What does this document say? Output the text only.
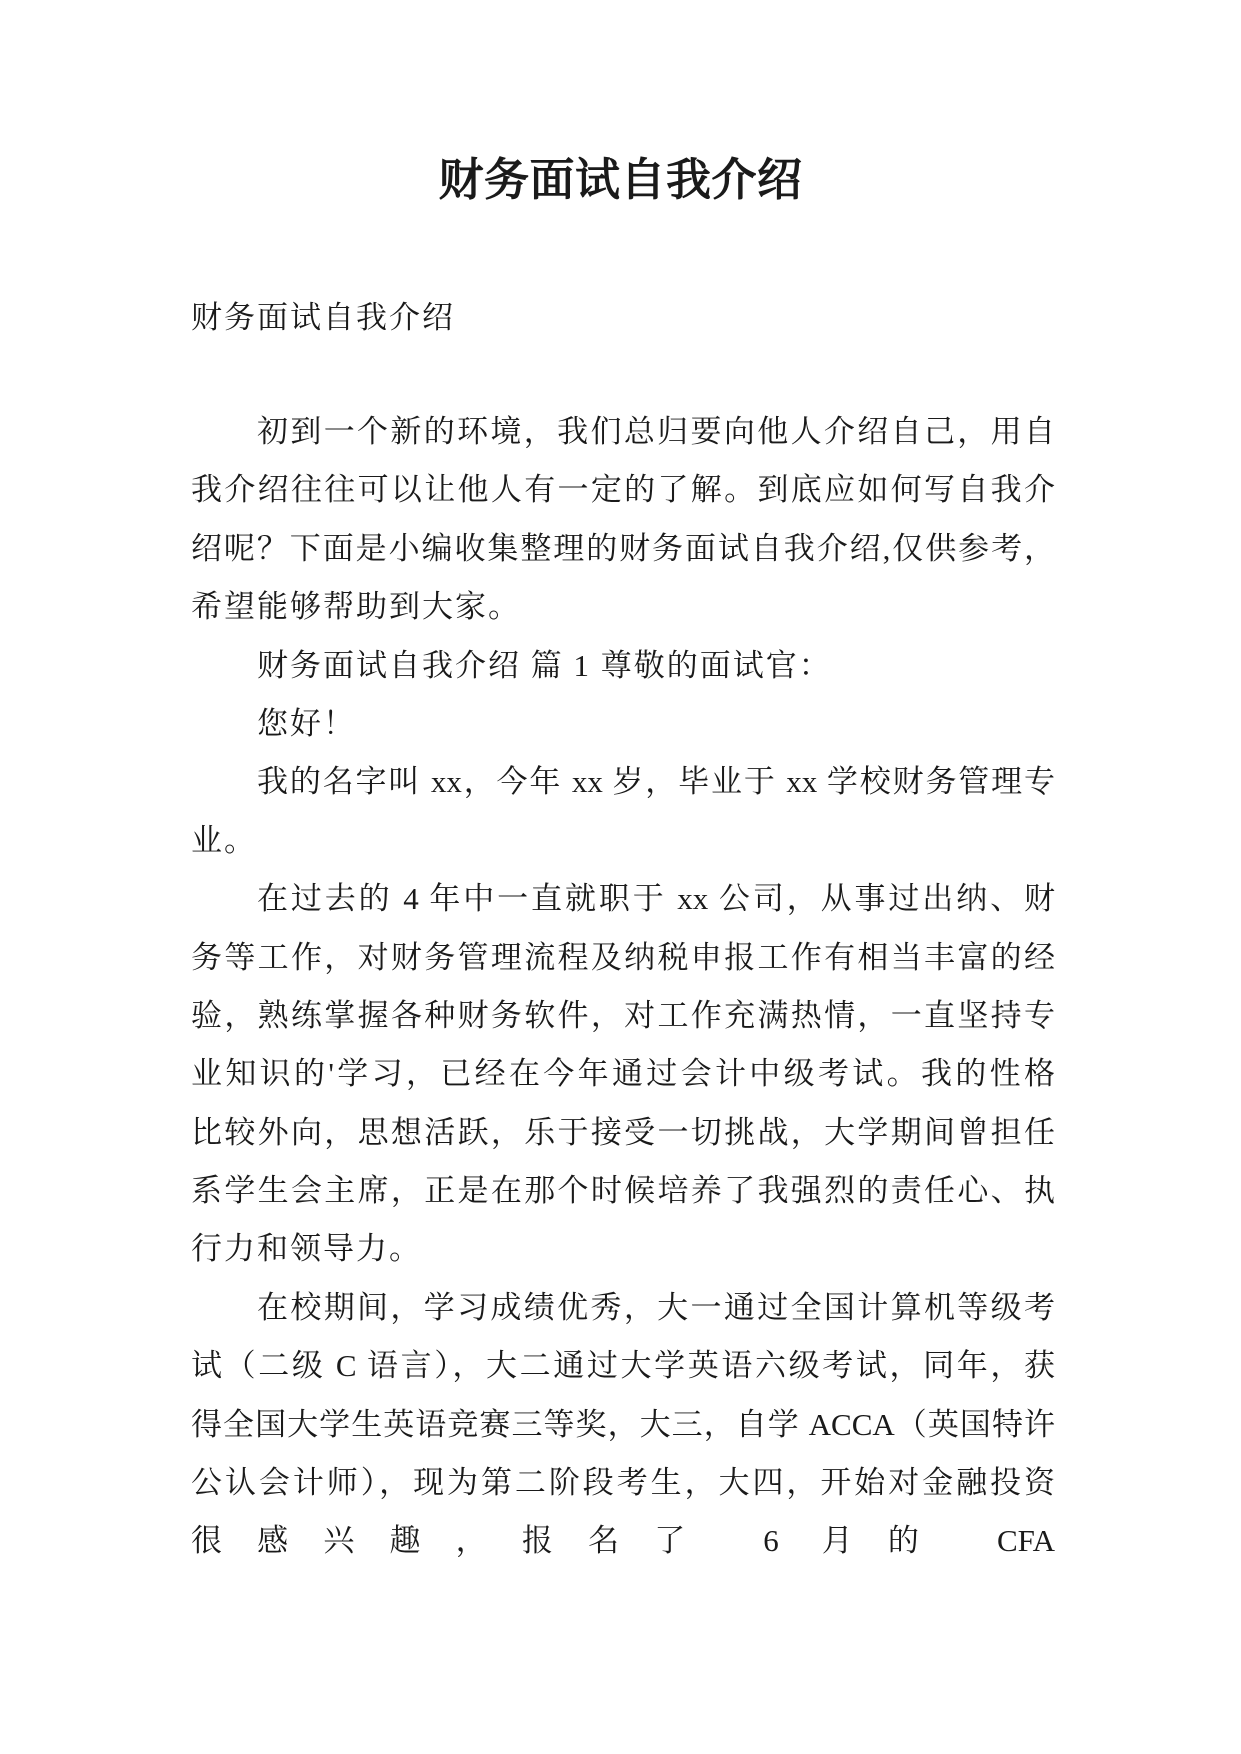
财务面试自我介绍
财务面试自我介绍
初到一个新的环境，我们总归要向他人介绍自己，用自
我介绍往往可以让他人有一定的了解。到底应如何写自我介
绍呢？下面是小编收集整理的财务面试自我介绍,仅供参考，
希望能够帮助到大家。
财务面试自我介绍 篇 1 尊敬的面试官：
您好！
我的名字叫 xx，今年 xx 岁，毕业于 xx 学校财务管理专
业。
在过去的 4 年中一直就职于 xx 公司，从事过出纳、财
务等工作，对财务管理流程及纳税申报工作有相当丰富的经
验，熟练掌握各种财务软件，对工作充满热情，一直坚持专
业知识的'学习，已经在今年通过会计中级考试。我的性格
比较外向，思想活跃，乐于接受一切挑战，大学期间曾担任
系学生会主席，正是在那个时候培养了我强烈的责任心、执
行力和领导力。
在校期间，学习成绩优秀，大一通过全国计算机等级考
试（二级 C 语言），大二通过大学英语六级考试，同年，获
得全国大学生英语竞赛三等奖，大三，自学 ACCA（英国特许
公认会计师），现为第二阶段考生，大四，开始对金融投资
很感兴趣，报名了 6 月的 CFA
